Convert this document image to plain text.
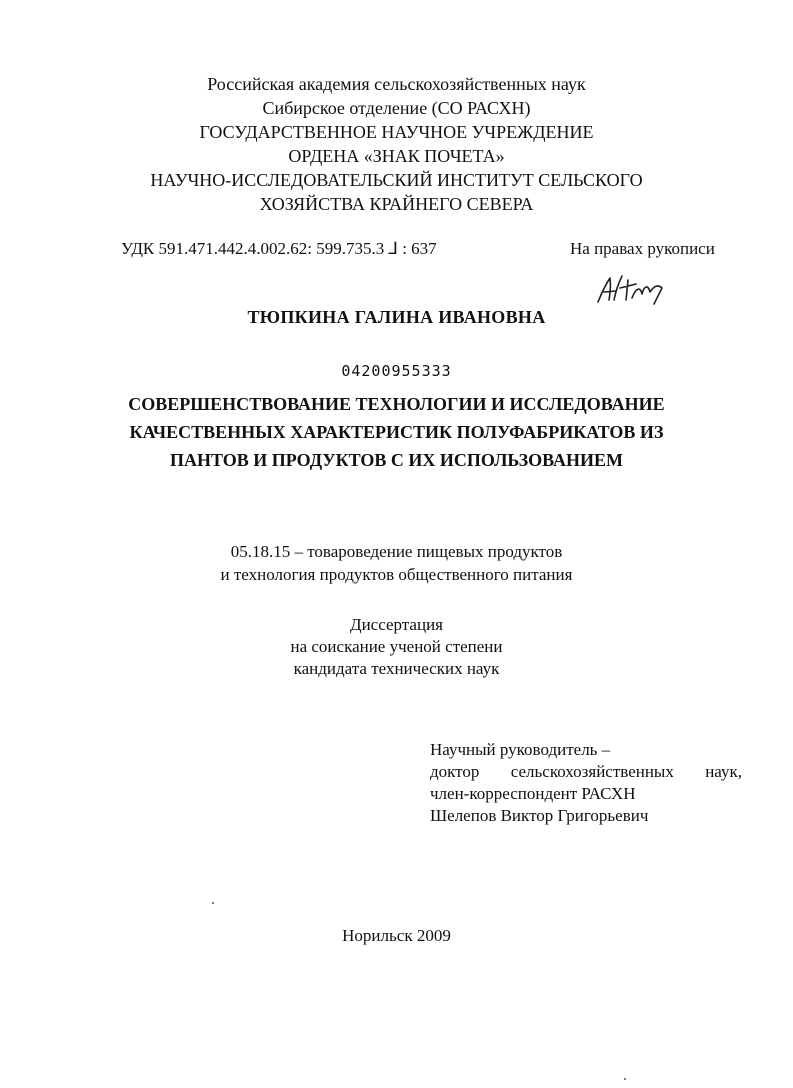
Российская академия сельскохозяйственных наук
Сибирское отделение (СО РАСХН)
ГОСУДАРСТВЕННОЕ НАУЧНОЕ УЧРЕЖДЕНИЕ
ОРДЕНА «ЗНАК ПОЧЕТА»
НАУЧНО-ИССЛЕДОВАТЕЛЬСКИЙ ИНСТИТУТ СЕЛЬСКОГО
ХОЗЯЙСТВА КРАЙНЕГО СЕВЕРА
УДК 591.471.442.4.002.62: 599.735.3 ⅃ : 637	На правах рукописи
ТЮПКИНА ГАЛИНА ИВАНОВНА
04200955333
СОВЕРШЕНСТВОВАНИЕ ТЕХНОЛОГИИ И ИССЛЕДОВАНИЕ
КАЧЕСТВЕННЫХ ХАРАКТЕРИСТИК ПОЛУФАБРИКАТОВ ИЗ
ПАНТОВ И ПРОДУКТОВ С ИХ ИСПОЛЬЗОВАНИЕМ
05.18.15 – товароведение пищевых продуктов
и технология продуктов общественного питания
Диссертация
на соискание ученой степени
кандидата технических наук
Научный руководитель –
доктор сельскохозяйственных наук,
член-корреспондент РАСХН
Шелепов Виктор Григорьевич
Норильск 2009
